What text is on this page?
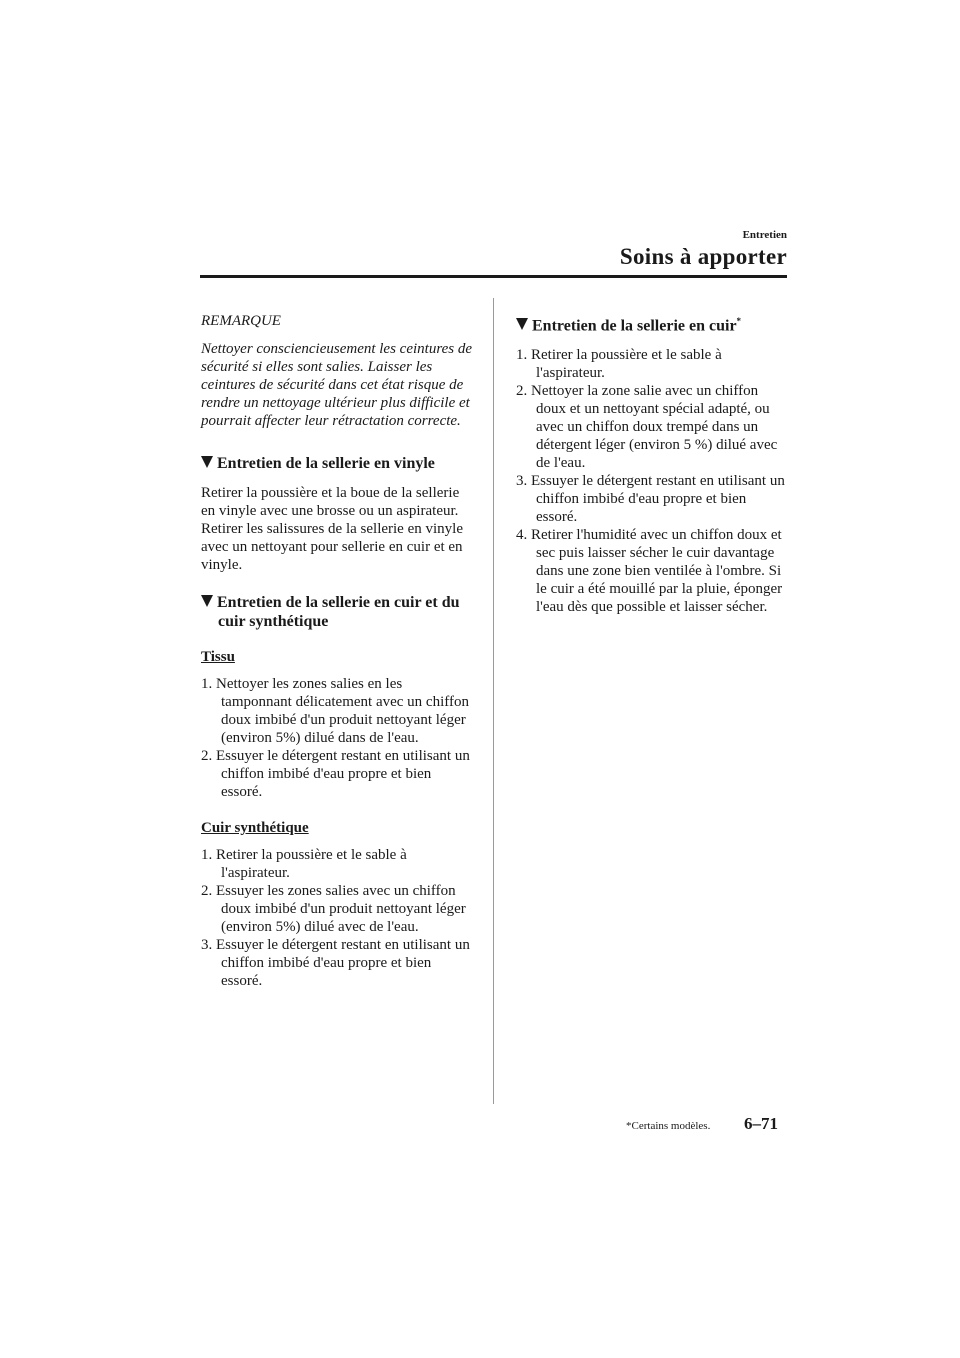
Entretien
Soins à apporter

REMARQUE

Nettoyer consciencieusement les ceintures de sécurité si elles sont salies. Laisser les ceintures de sécurité dans cet état risque de rendre un nettoyage ultérieur plus difficile et pourrait affecter leur rétractation correcte.

Entretien de la sellerie en vinyle

Retirer la poussière et la boue de la sellerie en vinyle avec une brosse ou un aspirateur. Retirer les salissures de la sellerie en vinyle avec un nettoyant pour sellerie en cuir et en vinyle.

Entretien de la sellerie en cuir et du cuir synthétique

Tissu

1. Nettoyer les zones salies en les tamponnant délicatement avec un chiffon doux imbibé d'un produit nettoyant léger (environ 5%) dilué dans de l'eau.
2. Essuyer le détergent restant en utilisant un chiffon imbibé d'eau propre et bien essoré.

Cuir synthétique

1. Retirer la poussière et le sable à l'aspirateur.
2. Essuyer les zones salies avec un chiffon doux imbibé d'un produit nettoyant léger (environ 5%) dilué avec de l'eau.
3. Essuyer le détergent restant en utilisant un chiffon imbibé d'eau propre et bien essoré.
Entretien de la sellerie en cuir*
1. Retirer la poussière et le sable à l'aspirateur.
2. Nettoyer la zone salie avec un chiffon doux et un nettoyant spécial adapté, ou avec un chiffon doux trempé dans un détergent léger (environ 5 %) dilué avec de l'eau.
3. Essuyer le détergent restant en utilisant un chiffon imbibé d'eau propre et bien essoré.
4. Retirer l'humidité avec un chiffon doux et sec puis laisser sécher le cuir davantage dans une zone bien ventilée à l'ombre. Si le cuir a été mouillé par la pluie, éponger l'eau dès que possible et laisser sécher.
*Certains modèles. 6–71
